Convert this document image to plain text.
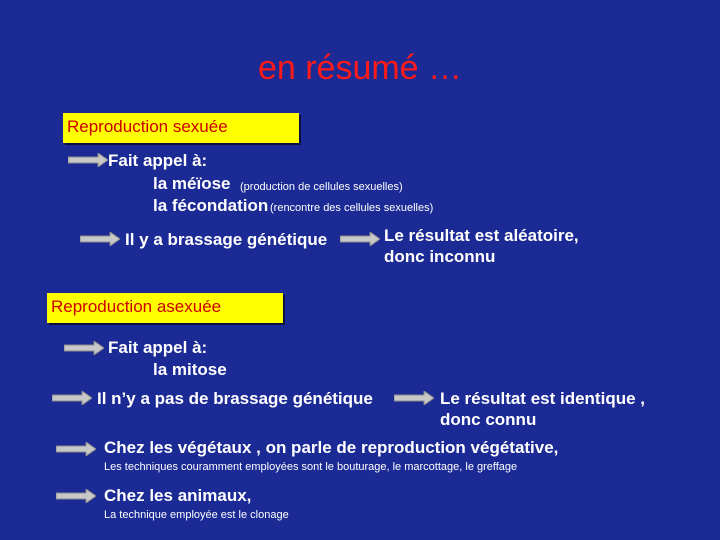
en résumé …
Reproduction sexuée
Fait appel à:
la méïose (production de cellules sexuelles)
la fécondation (rencontre des cellules sexuelles)
Il y a brassage génétique	Le résultat est aléatoire,
donc inconnu
Reproduction asexuée
Fait appel à:
la mitose
Il n’y a pas de brassage génétique	Le résultat est identique ,
donc connu
Chez les végétaux , on parle de reproduction végétative,
Les techniques couramment employées sont le bouturage, le marcottage, le greffage
Chez les animaux,
La technique employée est le clonage
